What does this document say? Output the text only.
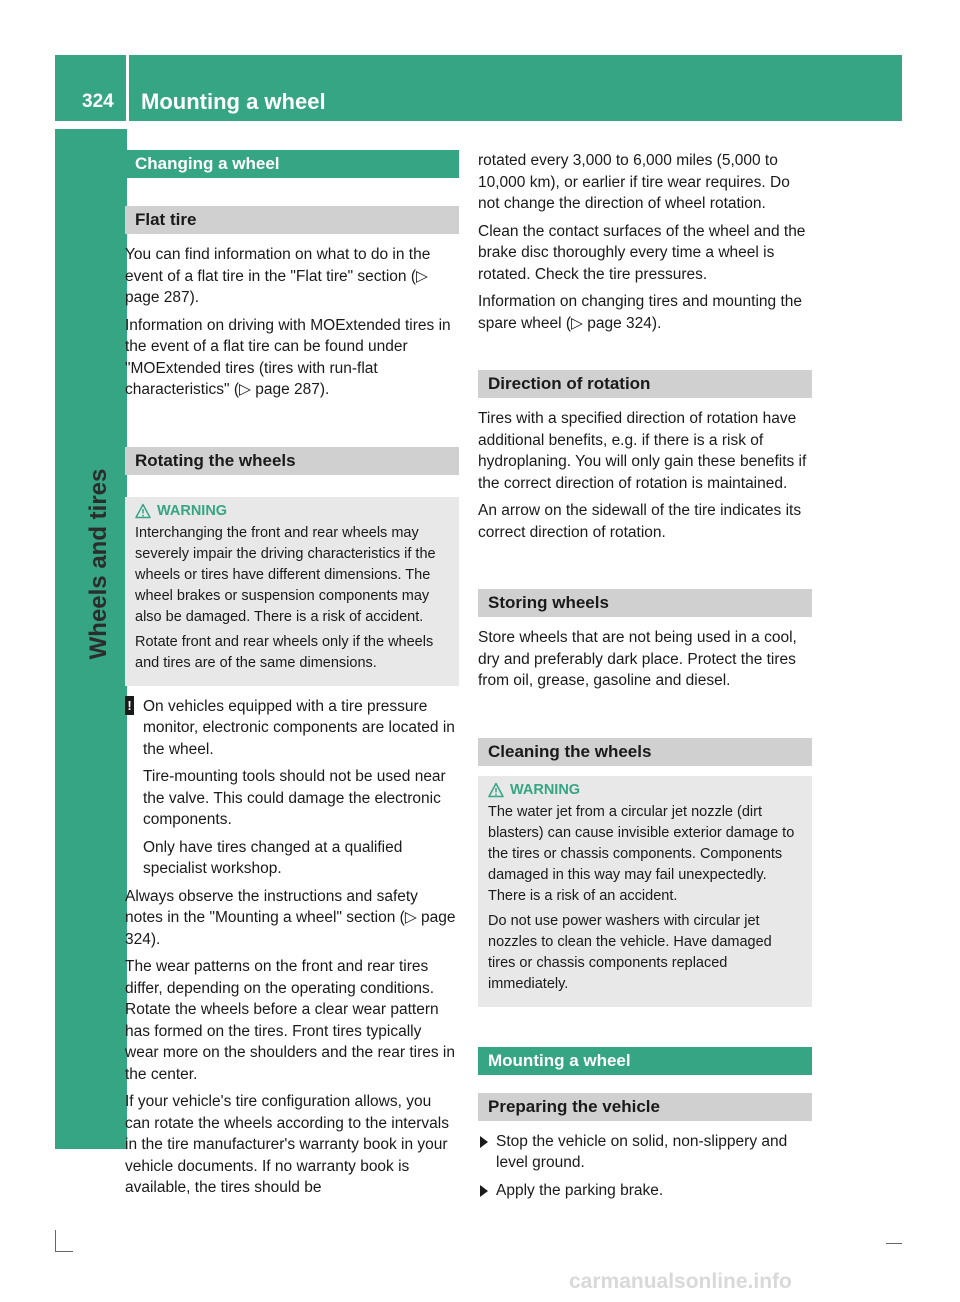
324 Mounting a wheel
Wheels and tires
Changing a wheel
Flat tire

You can find information on what to do in the event of a flat tire in the "Flat tire" section (▷ page 287).

Information on driving with MOExtended tires in the event of a flat tire can be found under "MOExtended tires (tires with run-flat characteristics" (▷ page 287).

Rotating the wheels
WARNING

Interchanging the front and rear wheels may severely impair the driving characteristics if the wheels or tires have different dimensions. The wheel brakes or suspension components may also be damaged. There is a risk of accident.

Rotate front and rear wheels only if the wheels and tires are of the same dimensions.

! On vehicles equipped with a tire pressure monitor, electronic components are located in the wheel.

Tire-mounting tools should not be used near the valve. This could damage the electronic components.

Only have tires changed at a qualified specialist workshop.

Always observe the instructions and safety notes in the "Mounting a wheel" section (▷ page 324).

The wear patterns on the front and rear tires differ, depending on the operating conditions. Rotate the wheels before a clear wear pattern has formed on the tires. Front tires typically wear more on the shoulders and the rear tires in the center.

If your vehicle's tire configuration allows, you can rotate the wheels according to the intervals in the tire manufacturer's warranty book in your vehicle documents. If no warranty book is available, the tires should be

rotated every 3,000 to 6,000 miles (5,000 to 10,000 km), or earlier if tire wear requires. Do not change the direction of wheel rotation.

Clean the contact surfaces of the wheel and the brake disc thoroughly every time a wheel is rotated. Check the tire pressures.

Information on changing tires and mounting the spare wheel (▷ page 324).

Direction of rotation

Tires with a specified direction of rotation have additional benefits, e.g. if there is a risk of hydroplaning. You will only gain these benefits if the correct direction of rotation is maintained.

An arrow on the sidewall of the tire indicates its correct direction of rotation.

Storing wheels

Store wheels that are not being used in a cool, dry and preferably dark place. Protect the tires from oil, grease, gasoline and diesel.

Cleaning the wheels
WARNING

The water jet from a circular jet nozzle (dirt blasters) can cause invisible exterior damage to the tires or chassis components. Components damaged in this way may fail unexpectedly. There is a risk of an accident.

Do not use power washers with circular jet nozzles to clean the vehicle. Have damaged tires or chassis components replaced immediately.

Mounting a wheel
Preparing the vehicle

Stop the vehicle on solid, non-slippery and level ground.

Apply the parking brake.

carmanualsonline.info
